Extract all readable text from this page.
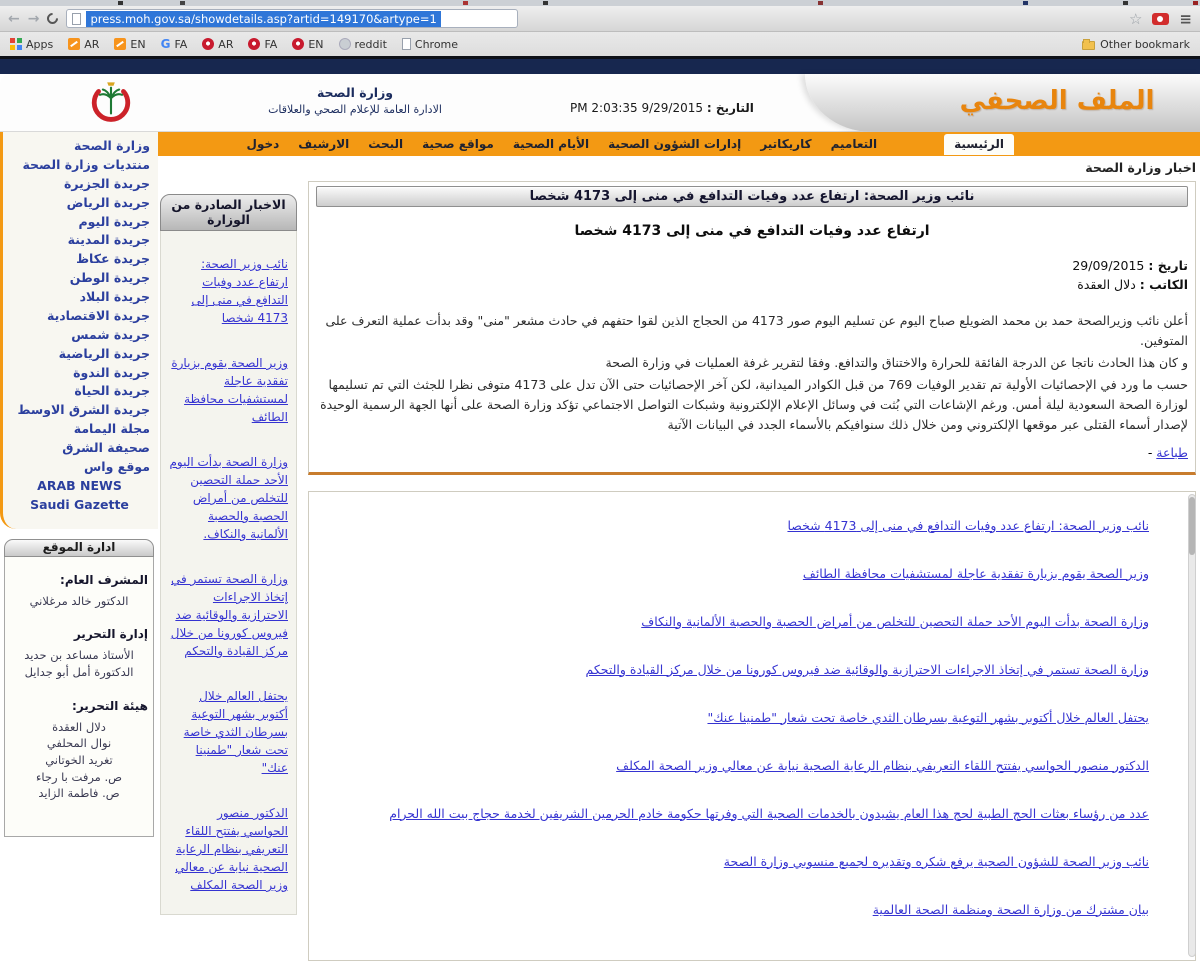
← →	press.moh.gov.sa/showdetails.asp?artid=149170&artype=1	☆ ≡
Apps	AR	EN G	FA	AR	FA	EN	reddit	Chrome	Other bookmark
الملف الصحفي
وزارة الصحة
الادارة العامة للإعلام الصحي والعلاقات	التاريخ : PM 2:03:35 9/29/2015
الرئيسية
التعاميم
كاريكاتير
إدارات الشؤون الصحية
الأيام الصحية
مواقع صحية
البحث
الارشيف
دخول
الاخبار الصادرة من الوزارة
نائب وزير الصحة: ارتفاع عدد وفيات التدافع في منى إلى 4173 شخصا
وزير الصحة يقوم بزيارة تفقدية عاجلة لمستشفيات محافظة الطائف
وزارة الصحة بدأت اليوم الأحد حملة التحصين للتخلص من أمراض الحصبة والحصبة الألمانية والنكاف.
وزارة الصحة تستمر في إتخاذ الاجراءات الاحترازية والوقائية ضد فيروس كورونا من خلال مركز القيادة والتحكم
يحتفل العالم خلال أكتوبر بشهر التوعية بسرطان الثدي خاصة تحت شعار "طمنينا عنك"
الدكتور منصور الحواسي يفتتح اللقاء التعريفي بنظام الرعاية الصحية نيابة عن معالي وزير الصحة المكلف
اخبار وزارة الصحة
نائب وزير الصحة: ارتفاع عدد وفيات التدافع في منى إلى 4173 شخصا
ارتفاع عدد وفيات التدافع في منى إلى 4173 شخصا
تاريخ : 29/09/2015
الكاتب : دلال العقدة

أعلن نائب وزيرالصحة حمد بن محمد الضويلع صباح اليوم عن تسليم اليوم صور 4173 من الحجاج الذين لقوا حتفهم في حادث مشعر "منى" وقد بدأت عملية التعرف على المتوفين.

و كان هذا الحادث ناتجا عن الدرجة الفائقة للحرارة والاختناق والتدافع. وفقا لتقرير غرفة العمليات في وزارة الصحة

حسب ما ورد في الإحصائيات الأولية تم تقدير الوفيات 769 من قبل الكوادر الميدانية، لكن آخر الإحصائيات حتى الآن تدل على 4173 متوفى نظرا للجثث التي تم تسليمها لوزارة الصحة السعودية ليلة أمس. ورغم الإشاعات التي بُثت في وسائل الإعلام الإلكترونية وشبكات التواصل الاجتماعي تؤكد وزارة الصحة على أنها الجهة الرسمية الوحيدة لإصدار أسماء القتلى عبر موقعها الإلكتروني ومن خلال ذلك سنوافيكم بالأسماء الجدد في البيانات الآتية

- طباعة
نائب وزير الصحة: ارتفاع عدد وفيات التدافع في منى إلى 4173 شخصا
وزير الصحة يقوم بزيارة تفقدية عاجلة لمستشفيات محافظة الطائف
وزارة الصحة بدأت اليوم الأحد حملة التحصين للتخلص من أمراض الحصبة والحصبة الألمانية والنكاف
وزارة الصحة تستمر في إتخاذ الاجراءات الاحترازية والوقائية ضد فيروس كورونا من خلال مركز القيادة والتحكم
يحتفل العالم خلال أكتوبر بشهر التوعية بسرطان الثدي خاصة تحت شعار "طمنينا عنك"
الدكتور منصور الحواسي يفتتح اللقاء التعريفي بنظام الرعاية الصحية نيابة عن معالي وزير الصحة المكلف
عدد من رؤساء بعثات الحج الطبية لحج هذا العام يشيدون بالخدمات الصحية التي وفرتها حكومة خادم الحرمين الشريفين لخدمة حجاج بيت الله الحرام
نائب وزير الصحة للشؤون الصحية يرفع شكره وتقديره لجميع منسوبي وزارة الصحة
بيان مشترك من وزارة الصحة ومنظمة الصحة العالمية
وزارة الصحة
منتديات وزارة الصحة
جريدة الجزيرة
جريدة الرياض
جريدة اليوم
جريدة المدينة
جريدة عكاظ
جريدة الوطن
جريدة البلاد
جريدة الاقتصادية
جريدة شمس
جريدة الرياضية
جريدة الندوة
جريدة الحياة
جريدة الشرق الاوسط
مجلة اليمامة
صحيفة الشرق
موقع واس
ARAB NEWS
Saudi Gazette
ادارة الموقع
المشرف العام:
الدكتور خالد مرغلاني
إدارة التحرير
الأستاذ مساعد بن حديد
الدكتورة أمل أبو جدايل
هيئة التحرير:
دلال العقدة
نوال المحلفي
تغريد الخوتاني
ص. مرفت با رجاء
ص. فاطمة الزايد
